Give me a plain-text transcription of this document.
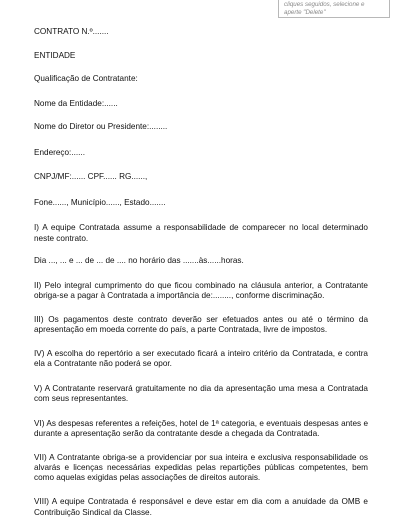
cliques seguidos, selecione e
aperte "Delete"

CONTRATO N.º.......

ENTIDADE

Qualificação de Contratante:

Nome da Entidade:......

Nome do Diretor ou Presidente:........

Endereço:......

CNPJ/MF:...... CPF...... RG......,

Fone......, Município......, Estado.......

I) A equipe Contratada assume a responsabilidade de comparecer no local determinado neste contrato.

Dia ..., ... e ... de ... de .... no horário das .......às......horas.

II) Pelo integral cumprimento do que ficou combinado na cláusula anterior, a Contratante obriga-se a pagar à Contratada a importância de:........, conforme discriminação.

III) Os pagamentos deste contrato deverão ser efetuados antes ou até o término da apresentação em moeda corrente do país, a parte Contratada, livre de impostos.

IV) A escolha do repertório a ser executado ficará a inteiro critério da Contratada, e contra ela a Contratante não poderá se opor.

V) A Contratante reservará gratuitamente no dia da apresentação uma mesa a Contratada com seus representantes.

VI) As despesas referentes a refeições, hotel de 1ª categoria, e eventuais despesas antes e durante a apresentação serão da contratante desde a chegada da Contratada.

VII) A Contratante obriga-se a providenciar por sua inteira e exclusiva responsabilidade os alvarás e licenças necessárias expedidas pelas repartições públicas competentes, bem como aquelas exigidas pelas associações de direitos autorais.

VIII) A equipe Contratada é responsável e deve estar em dia com a anuidade da OMB e Contribuição Sindical da Classe.
